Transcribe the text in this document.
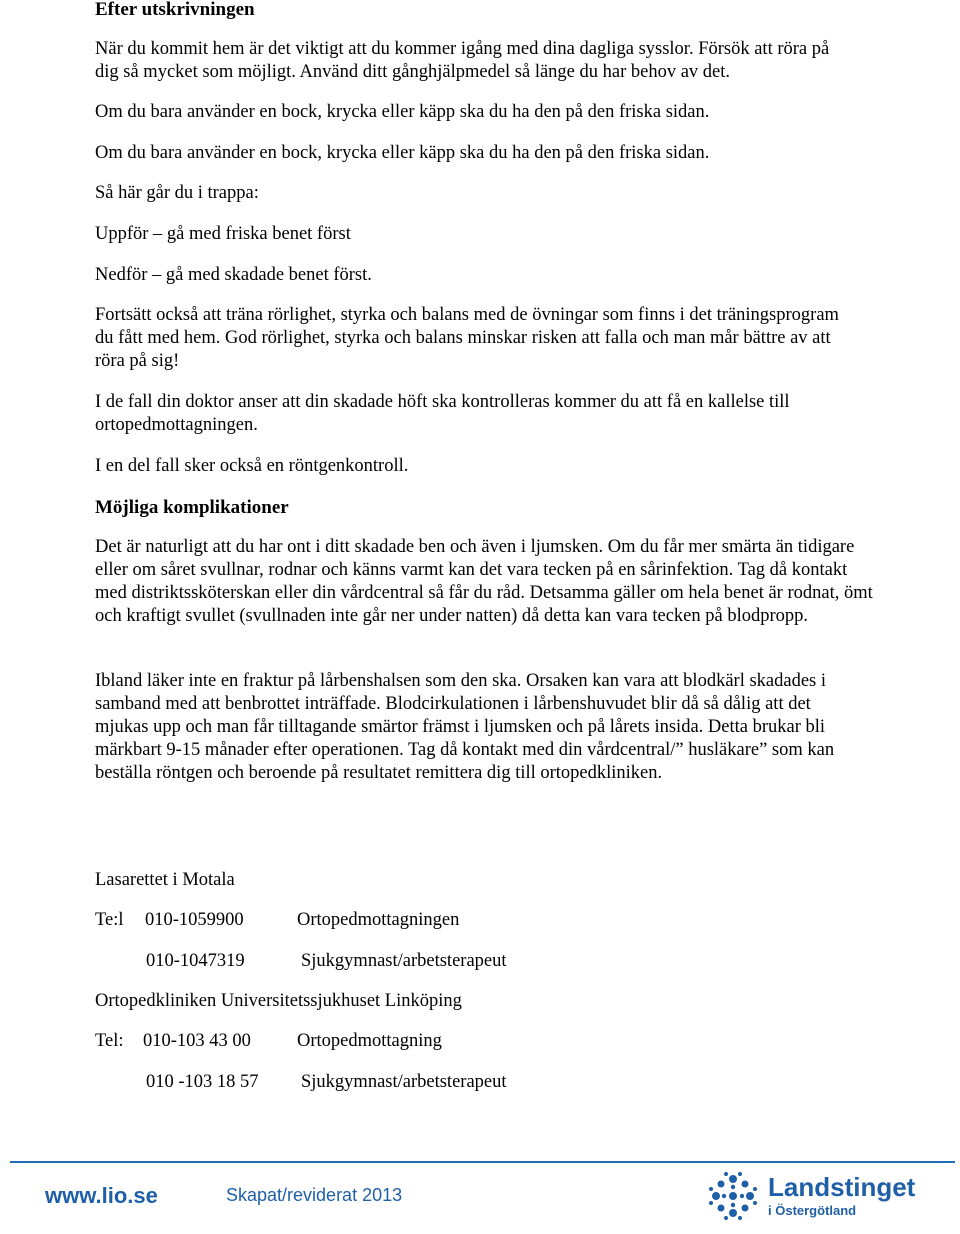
Efter utskrivningen

När du kommit hem är det viktigt att du kommer igång med dina dagliga sysslor. Försök att röra på dig så mycket som möjligt. Använd ditt gånghjälpmedel så länge du har behov av det.

Om du bara använder en bock, krycka eller käpp ska du ha den på den friska sidan.

Om du bara använder en bock, krycka eller käpp ska du ha den på den friska sidan.

Så här går du i trappa:

Uppför – gå med friska benet först

Nedför – gå med skadade benet först.

Fortsätt också att träna rörlighet, styrka och balans med de övningar som finns i det träningsprogram du fått med hem. God rörlighet, styrka och balans minskar risken att falla och man mår bättre av att röra på sig!

I de fall din doktor anser att din skadade höft ska kontrolleras kommer du att få en kallelse till ortopedmottagningen.

I en del fall sker också en röntgenkontroll.

Möjliga komplikationer

Det är naturligt att du har ont i ditt skadade ben och även i ljumsken. Om du får mer smärta än tidigare eller om såret svullnar, rodnar och känns varmt kan det vara tecken på en sårinfektion. Tag då kontakt med distriktssköterskan eller din vårdcentral så får du råd. Detsamma gäller om hela benet är rodnat, ömt och kraftigt svullet (svullnaden inte går ner under natten) då detta kan vara tecken på blodpropp.

Ibland läker inte en fraktur på lårbenshalsen som den ska. Orsaken kan vara att blodkärl skadades i samband med att benbrottet inträffade. Blodcirkulationen i lårbenshuvudet blir då så dålig att det mjukas upp och man får tilltagande smärtor främst i ljumsken och på lårets insida. Detta brukar bli märkbart 9-15 månader efter operationen. Tag då kontakt med din vårdcentral/” husläkare” som kan beställa röntgen och beroende på resultatet remittera dig till ortopedkliniken.

Lasarettet i Motala
Te:l 010-1059900	Ortopedmottagningen
010-1047319	Sjukgymnast/arbetsterapeut
Ortopedkliniken Universitetssjukhuset Linköping
Tel: 010-103 43 00 Ortopedmottagning
010 -103 18 57 Sjukgymnast/arbetsterapeut
www.lio.se	Skapat/reviderat 2013	Landstinget
i Östergötland
